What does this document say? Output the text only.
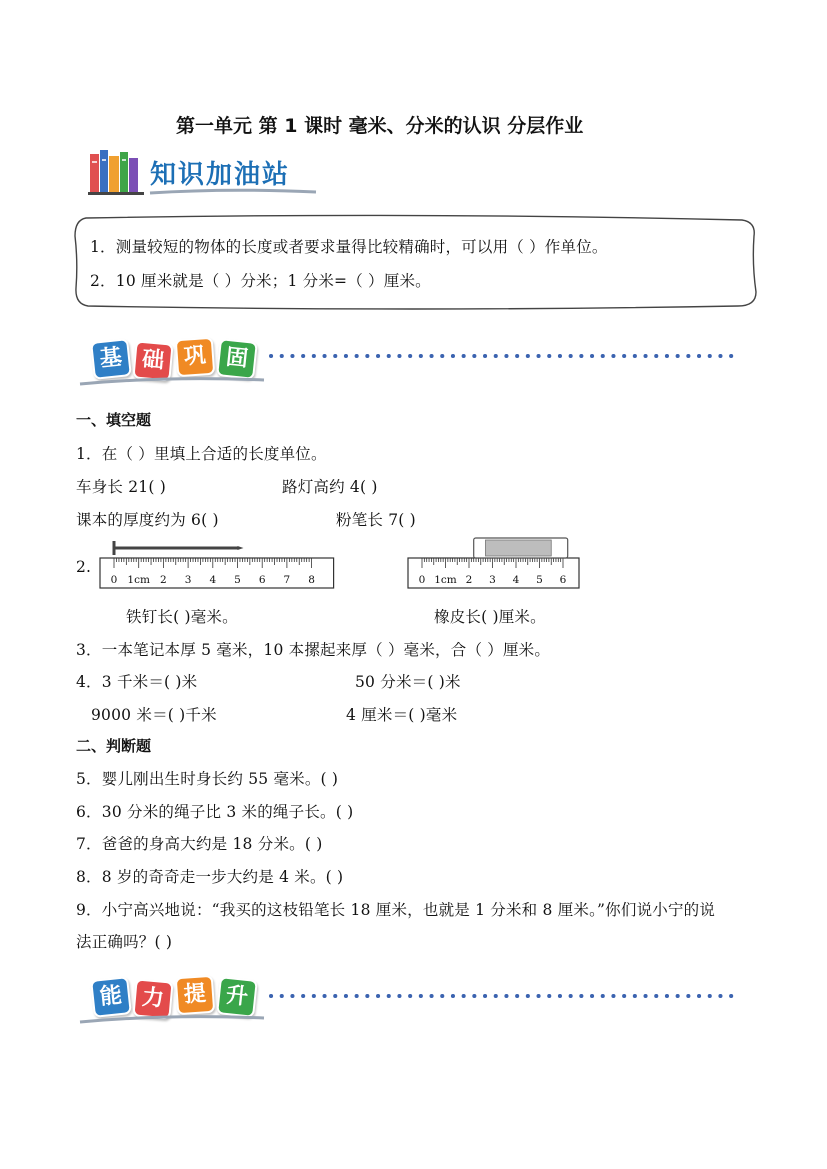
第一单元 第 1 课时 毫米、分米的认识 分层作业
知识加油站
1．测量较短的物体的长度或者要求量得比较精确时，可以用（ ）作单位。
2．10 厘米就是（ ）分米；1 分米=（ ）厘米。
基 础 巩 固
一、填空题
1．在（ ）里填上合适的长度单位。
车身长 21( )	路灯高约 4( )
课本的厚度约为 6( )	粉笔长 7( )
2.
0 1cm 2 3 4 5 6 7 8	0 1cm 2 3 4 5 6
铁钉长( )毫米。	橡皮长( )厘米。
3．一本笔记本厚 5 毫米，10 本摞起来厚（ ）毫米，合（ ）厘米。
4．3 千米＝( )米	50 分米＝( )米
9000 米＝( )千米	4 厘米＝( )毫米
二、判断题
5．婴儿刚出生时身长约 55 毫米。( )
6．30 分米的绳子比 3 米的绳子长。( )
7．爸爸的身高大约是 18 分米。( )
8．8 岁的奇奇走一步大约是 4 米。( )
9．小宁高兴地说：“我买的这枝铅笔长 18 厘米，也就是 1 分米和 8 厘米。”你们说小宁的说
法正确吗？( )
能 力 提 升
